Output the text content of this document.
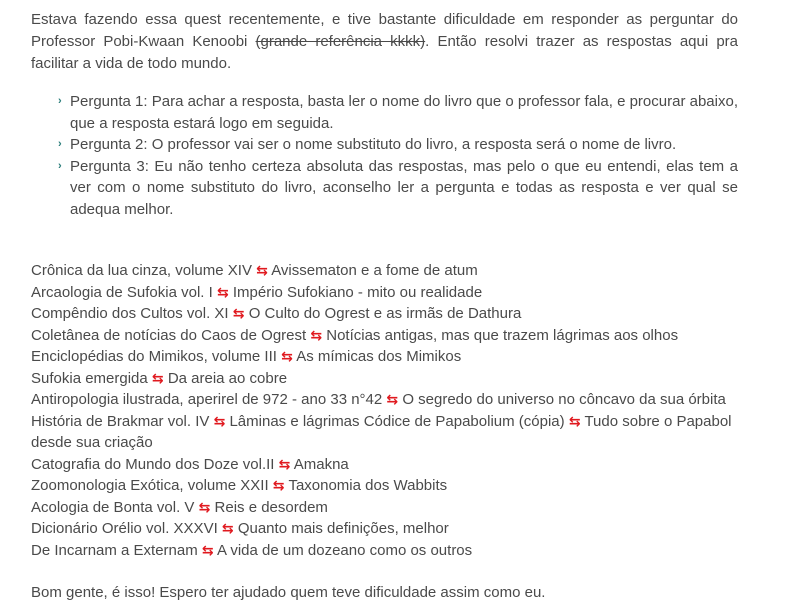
Estava fazendo essa quest recentemente, e tive bastante dificuldade em responder as perguntar do Professor Pobi-Kwaan Kenoobi (grande referência kkkk). Então resolvi trazer as respostas aqui pra facilitar a vida de todo mundo.

› Pergunta 1: Para achar a resposta, basta ler o nome do livro que o professor fala, e procurar abaixo, que a resposta estará logo em seguida.
› Pergunta 2: O professor vai ser o nome substituto do livro, a resposta será o nome de livro.
› Pergunta 3: Eu não tenho certeza absoluta das respostas, mas pelo o que eu entendi, elas tem a ver com o nome substituto do livro, aconselho ler a pergunta e todas as resposta e ver qual se adequa melhor.

Crônica da lua cinza, volume XIV ⇆ Avissematon e a fome de atum

Arcaologia de Sufokia vol. I ⇆ Império Sufokiano - mito ou realidade

Compêndio dos Cultos vol. XI ⇆ O Culto do Ogrest e as irmãs de Dathura

Coletânea de notícias do Caos de Ogrest ⇆ Notícias antigas, mas que trazem lágrimas aos olhos

Enciclopédias do Mimikos, volume III ⇆ As mímicas dos Mimikos

Sufokia emergida ⇆ Da areia ao cobre

Antiropologia ilustrada, aperirel de 972 - ano 33 n°42 ⇆ O segredo do universo no côncavo da sua órbita

História de Brakmar vol. IV ⇆ Lâminas e lágrimas Códice de Papabolium (cópia) ⇆ Tudo sobre o Papabol desde sua criação

Catografia do Mundo dos Doze vol.II ⇆ Amakna

Zoomonologia Exótica, volume XXII ⇆ Taxonomia dos Wabbits

Acologia de Bonta vol. V ⇆ Reis e desordem

Dicionário Orélio vol. XXXVI ⇆ Quanto mais definições, melhor

De Incarnam a Externam ⇆ A vida de um dozeano como os outros

Bom gente, é isso! Espero ter ajudado quem teve dificuldade assim como eu.
